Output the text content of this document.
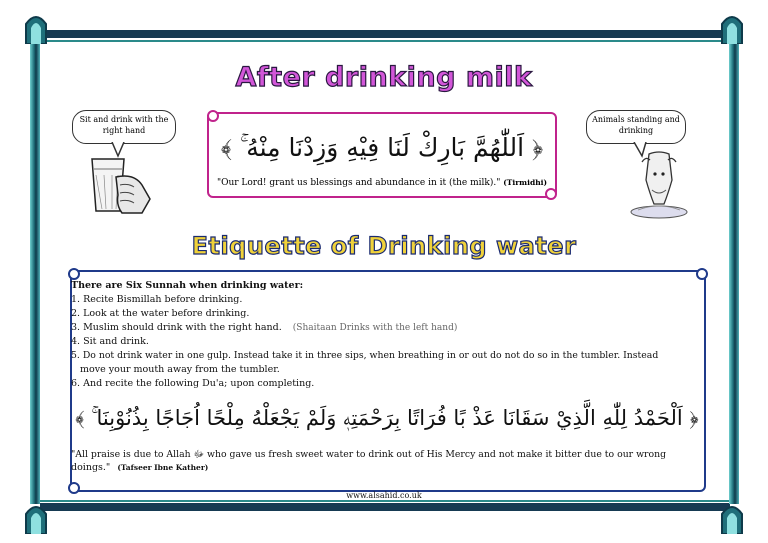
After drinking milk
Sit and drink with the right hand
﴿ اَللّٰهُمَّ بَارِكْ لَنَا فِيْهِ وَزِدْنَا مِنْهُ ۚ ﴾
"Our Lord! grant us blessings and abundance in it (the milk)." (Tirmidhi)
Animals standing and drinking
Etiquette of Drinking water
There are Six Sunnah when drinking water:
1. Recite Bismillah before drinking.
2. Look at the water before drinking.
3. Muslim should drink with the right hand. (Shaitaan Drinks with the left hand)
4. Sit and drink.
5. Do not drink water in one gulp. Instead take it in three sips, when breathing in or out do not do so in the tumbler. Instead
move your mouth away from the tumbler.
6. And recite the following Du'a; upon completing.
﴿ اَلْحَمْدُ لِلّٰهِ الَّذِيْ سَقَانَا عَذْ بًا فُرَاتًا بِرَحْمَتِهٖ وَلَمْ يَجْعَلْهُ مِلْحًا اُجَاجًا بِذُنُوْبِنَا ۚ ﴾
"All praise is due to Allah ﷻ who gave us fresh sweet water to drink out of His Mercy and not make it bitter due to our wrong
doings." (Tafseer Ibne Kather)
www.alsahid.co.uk
